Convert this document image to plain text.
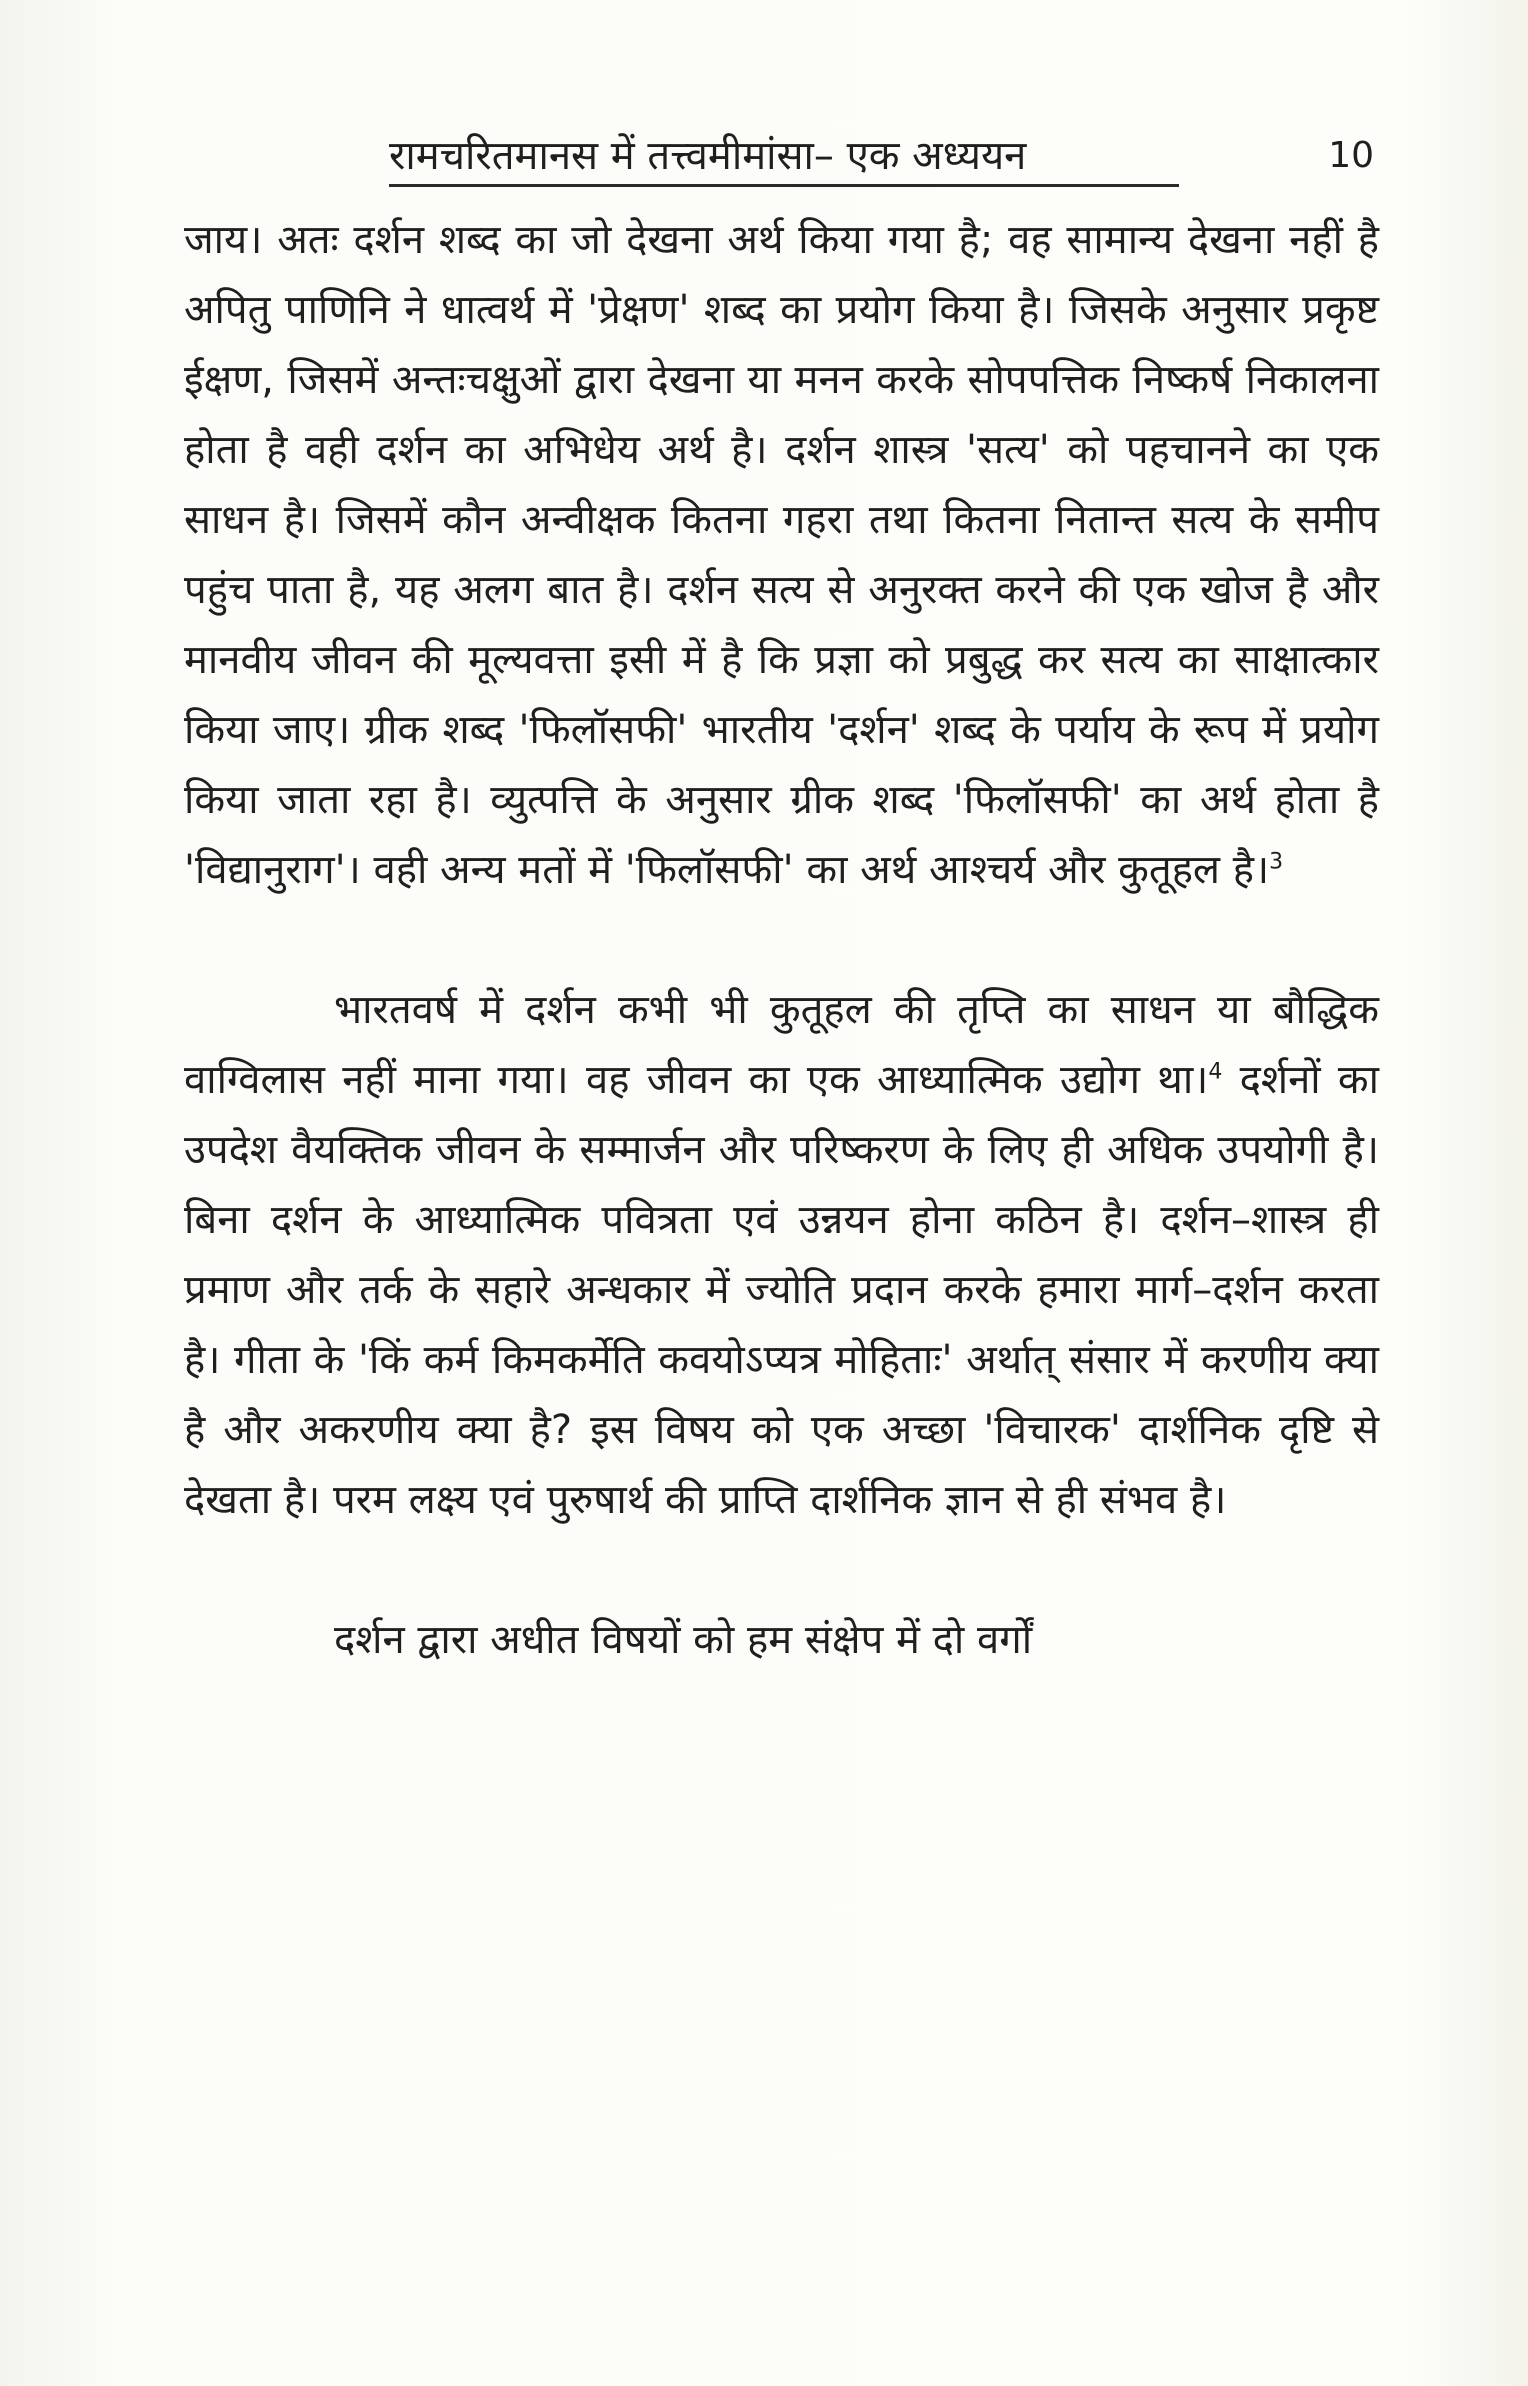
रामचरितमानस में तत्त्वमीमांसा– एक अध्ययन	10

जाय। अतः दर्शन शब्द का जो देखना अर्थ किया गया है; वह सामान्य देखना नहीं है अपितु पाणिनि ने धात्वर्थ में 'प्रेक्षण' शब्द का प्रयोग किया है। जिसके अनुसार प्रकृष्ट ईक्षण, जिसमें अन्तःचक्षुओं द्वारा देखना या मनन करके सोपपत्तिक निष्कर्ष निकालना होता है वही दर्शन का अभिधेय अर्थ है। दर्शन शास्त्र 'सत्य' को पहचानने का एक साधन है। जिसमें कौन अन्वीक्षक कितना गहरा तथा कितना नितान्त सत्य के समीप पहुंच पाता है, यह अलग बात है। दर्शन सत्य से अनुरक्त करने की एक खोज है और मानवीय जीवन की मूल्यवत्ता इसी में है कि प्रज्ञा को प्रबुद्ध कर सत्य का साक्षात्कार किया जाए। ग्रीक शब्द 'फिलॉसफी' भारतीय 'दर्शन' शब्द के पर्याय के रूप में प्रयोग किया जाता रहा है। व्युत्पत्ति के अनुसार ग्रीक शब्द 'फिलॉसफी' का अर्थ होता है 'विद्यानुराग'। वही अन्य मतों में 'फिलॉसफी' का अर्थ आश्चर्य और कुतूहल है।$^3$

भारतवर्ष में दर्शन कभी भी कुतूहल की तृप्ति का साधन या बौद्धिक वाग्विलास नहीं माना गया। वह जीवन का एक आध्यात्मिक उद्योग था।$^4$ दर्शनों का उपदेश वैयक्तिक जीवन के सम्मार्जन और परिष्करण के लिए ही अधिक उपयोगी है। बिना दर्शन के आध्यात्मिक पवित्रता एवं उन्नयन होना कठिन है। दर्शन–शास्त्र ही प्रमाण और तर्क के सहारे अन्धकार में ज्योति प्रदान करके हमारा मार्ग–दर्शन करता है। गीता के 'किं कर्म किमकर्मेति कवयोऽप्यत्र मोहिताः' अर्थात् संसार में करणीय क्या है और अकरणीय क्या है? इस विषय को एक अच्छा 'विचारक' दार्शनिक दृष्टि से देखता है। परम लक्ष्य एवं पुरुषार्थ की प्राप्ति दार्शनिक ज्ञान से ही संभव है।

दर्शन द्वारा अधीत विषयों को हम संक्षेप में दो वर्गों
